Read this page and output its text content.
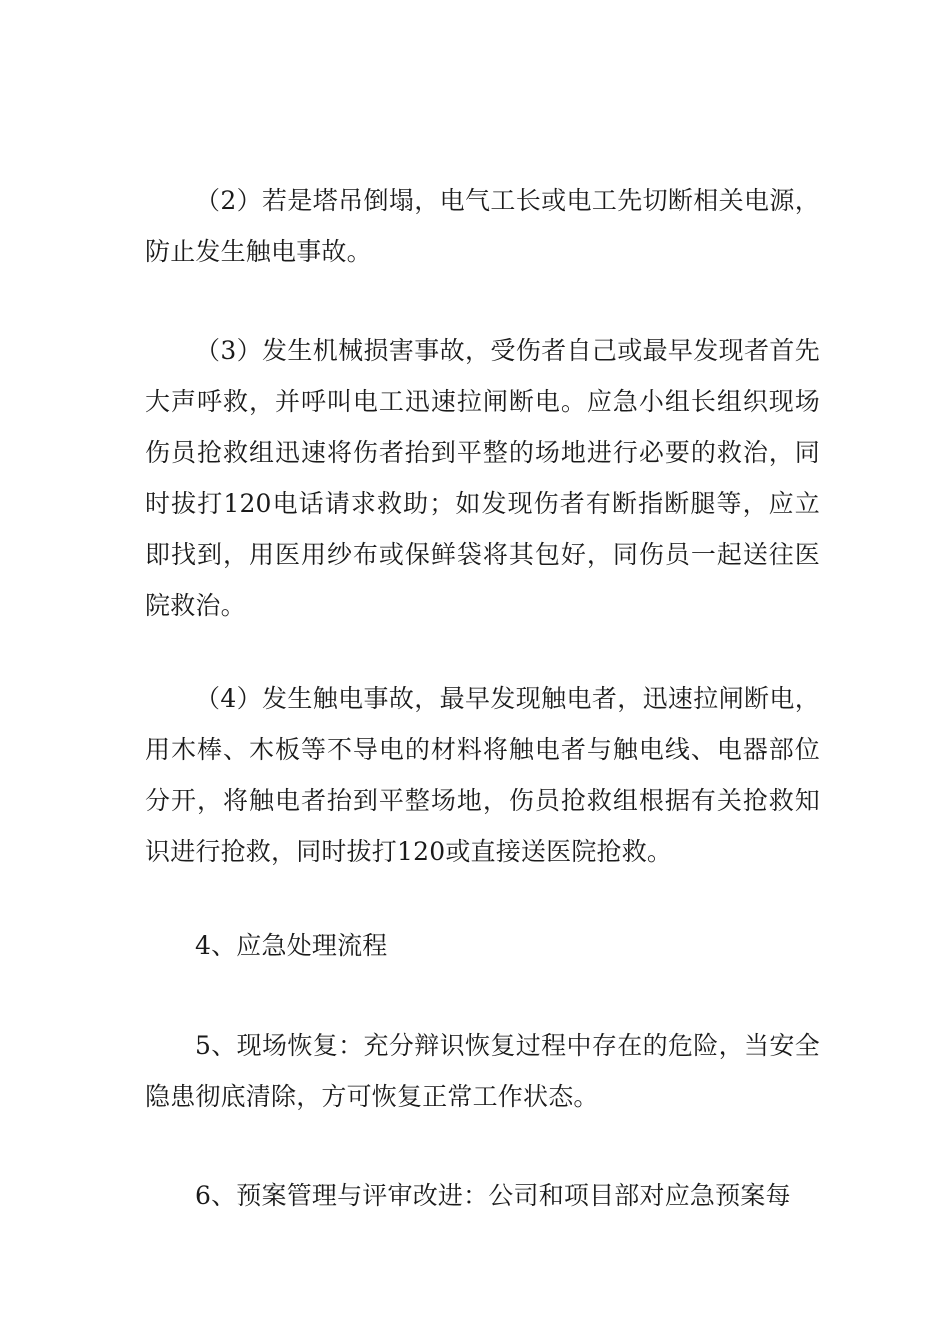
（2）若是塔吊倒塌，电气工长或电工先切断相关电源，防止发生触电事故。

（3）发生机械损害事故，受伤者自己或最早发现者首先大声呼救，并呼叫电工迅速拉闸断电。应急小组长组织现场伤员抢救组迅速将伤者抬到平整的场地进行必要的救治，同时拔打120电话请求救助；如发现伤者有断指断腿等，应立即找到，用医用纱布或保鲜袋将其包好，同伤员一起送往医院救治。

（4）发生触电事故，最早发现触电者，迅速拉闸断电，用木棒、木板等不导电的材料将触电者与触电线、电器部位分开，将触电者抬到平整场地，伤员抢救组根据有关抢救知识进行抢救，同时拔打120或直接送医院抢救。

4、应急处理流程

5、现场恢复：充分辩识恢复过程中存在的危险，当安全隐患彻底清除，方可恢复正常工作状态。

6、预案管理与评审改进：公司和项目部对应急预案每
